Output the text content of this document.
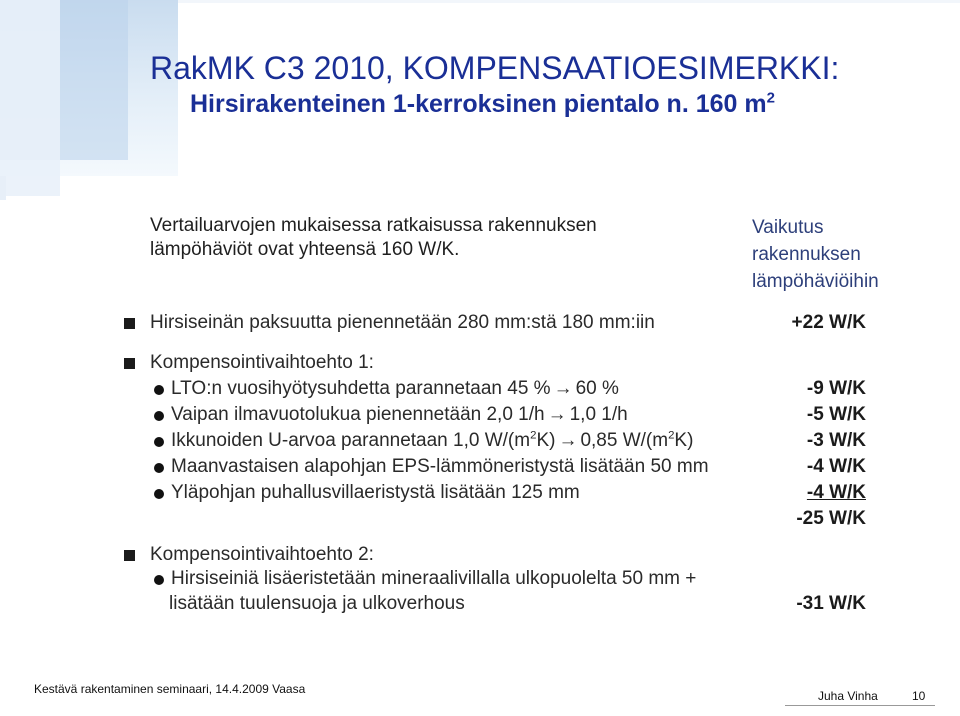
RakMK C3 2010, KOMPENSAATIOESIMERKKI:
Hirsirakenteinen 1-kerroksinen pientalo n. 160 $m^2$
Vertailuarvojen mukaisessa ratkaisussa rakennuksen
lämpöhäviöt ovat yhteensä 160 W/K.
Vaikutus
rakennuksen
lämpöhäviöihin
Hirsiseinän paksuutta pienennetään 280 mm:stä 180 mm:iin	+22 W/K
Kompensointivaihtoehto 1:
LTO:n vuosihyötysuhdetta parannetaan 45 % → 60 %	-9 W/K
Vaipan ilmavuotolukua pienennetään 2,0 1/h → 1,0 1/h	-5 W/K
Ikkunoiden U-arvoa parannetaan 1,0 $W/(m^2K) \to 0,85$ $W/(m^2K)$	-3 W/K
Maanvastaisen alapohjan EPS-lämmöneristystä lisätään 50 mm	-4 W/K
Yläpohjan puhallusvillaeristystä lisätään 125 mm	-4 W/K
-25 W/K
Kompensointivaihtoehto 2:
Hirsiseiniä lisäeristetään mineraalivillalla ulkopuolelta 50 mm +
lisätään tuulensuoja ja ulkoverhous	-31 W/K
Kestävä rakentaminen seminaari, 14.4.2009 Vaasa	Juha Vinha	10
